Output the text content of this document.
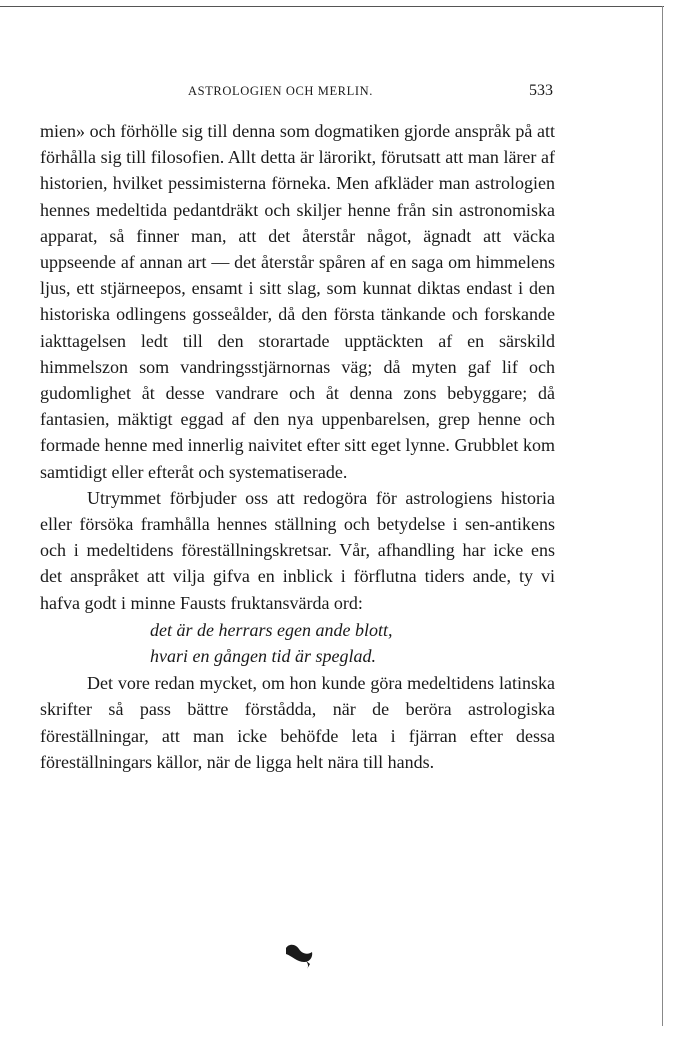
ASTROLOGIEN OCH MERLIN.	533

mien» och förhölle sig till denna som dogmatiken gjorde anspråk på att förhålla sig till filosofien. Allt detta är lärorikt, förutsatt att man lärer af historien, hvilket pessimisterna förneka. Men afkläder man astrologien hennes medeltida pedantdräkt och skiljer henne från sin astronomiska apparat, så finner man, att det återstår något, ägnadt att väcka uppseende af annan art — det återstår spåren af en saga om himmelens ljus, ett stjärneepos, ensamt i sitt slag, som kunnat diktas endast i den historiska odlingens gosseålder, då den första tänkande och forskande iakttagelsen ledt till den storartade upptäckten af en särskild himmelszon som vandringsstjärnornas väg; då myten gaf lif och gudomlighet åt desse vandrare och åt denna zons bebyggare; då fantasien, mäktigt eggad af den nya uppenbarelsen, grep henne och formade henne med innerlig naivitet efter sitt eget lynne. Grubblet kom samtidigt eller efteråt och systematiserade.

Utrymmet förbjuder oss att redogöra för astrologiens historia eller försöka framhålla hennes ställning och betydelse i sen-antikens och i medeltidens föreställningskretsar. Vår, afhandling har icke ens det anspråket att vilja gifva en inblick i förflutna tiders ande, ty vi hafva godt i minne Fausts fruktansvärda ord:

det är de herrars egen ande blott,
hvari en gången tid är speglad.

Det vore redan mycket, om hon kunde göra medeltidens latinska skrifter så pass bättre förstådda, när de beröra astrologiska föreställningar, att man icke behöfde leta i fjärran efter dessa föreställningars källor, när de ligga helt nära till hands.
